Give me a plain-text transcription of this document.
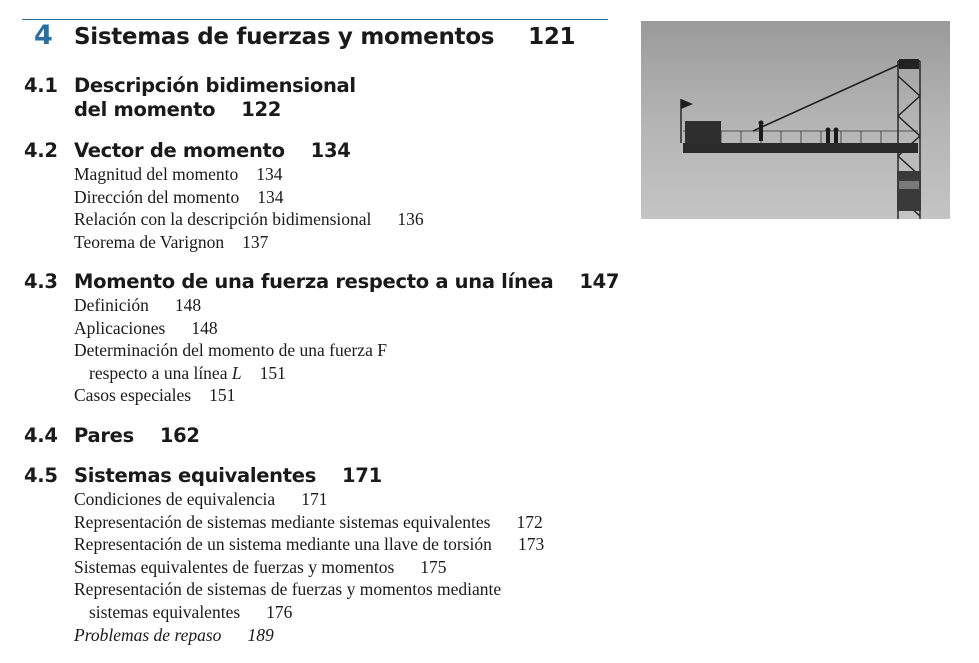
4 Sistemas de fuerzas y momentos 121
4.1 Descripción bidimensional
del momento 122
4.2 Vector de momento 134
Magnitud del momento 134
Dirección del momento 134
Relación con la descripción bidimensional 136
Teorema de Varignon 137
4.3 Momento de una fuerza respecto a una línea 147
Definición 148
Aplicaciones 148
Determinación del momento de una fuerza F
respecto a una línea L 151
Casos especiales 151
4.4 Pares 162
4.5 Sistemas equivalentes 171
Condiciones de equivalencia 171
Representación de sistemas mediante sistemas equivalentes 172
Representación de un sistema mediante una llave de torsión 173
Sistemas equivalentes de fuerzas y momentos 175
Representación de sistemas de fuerzas y momentos mediante
sistemas equivalentes 176
Problemas de repaso 189
